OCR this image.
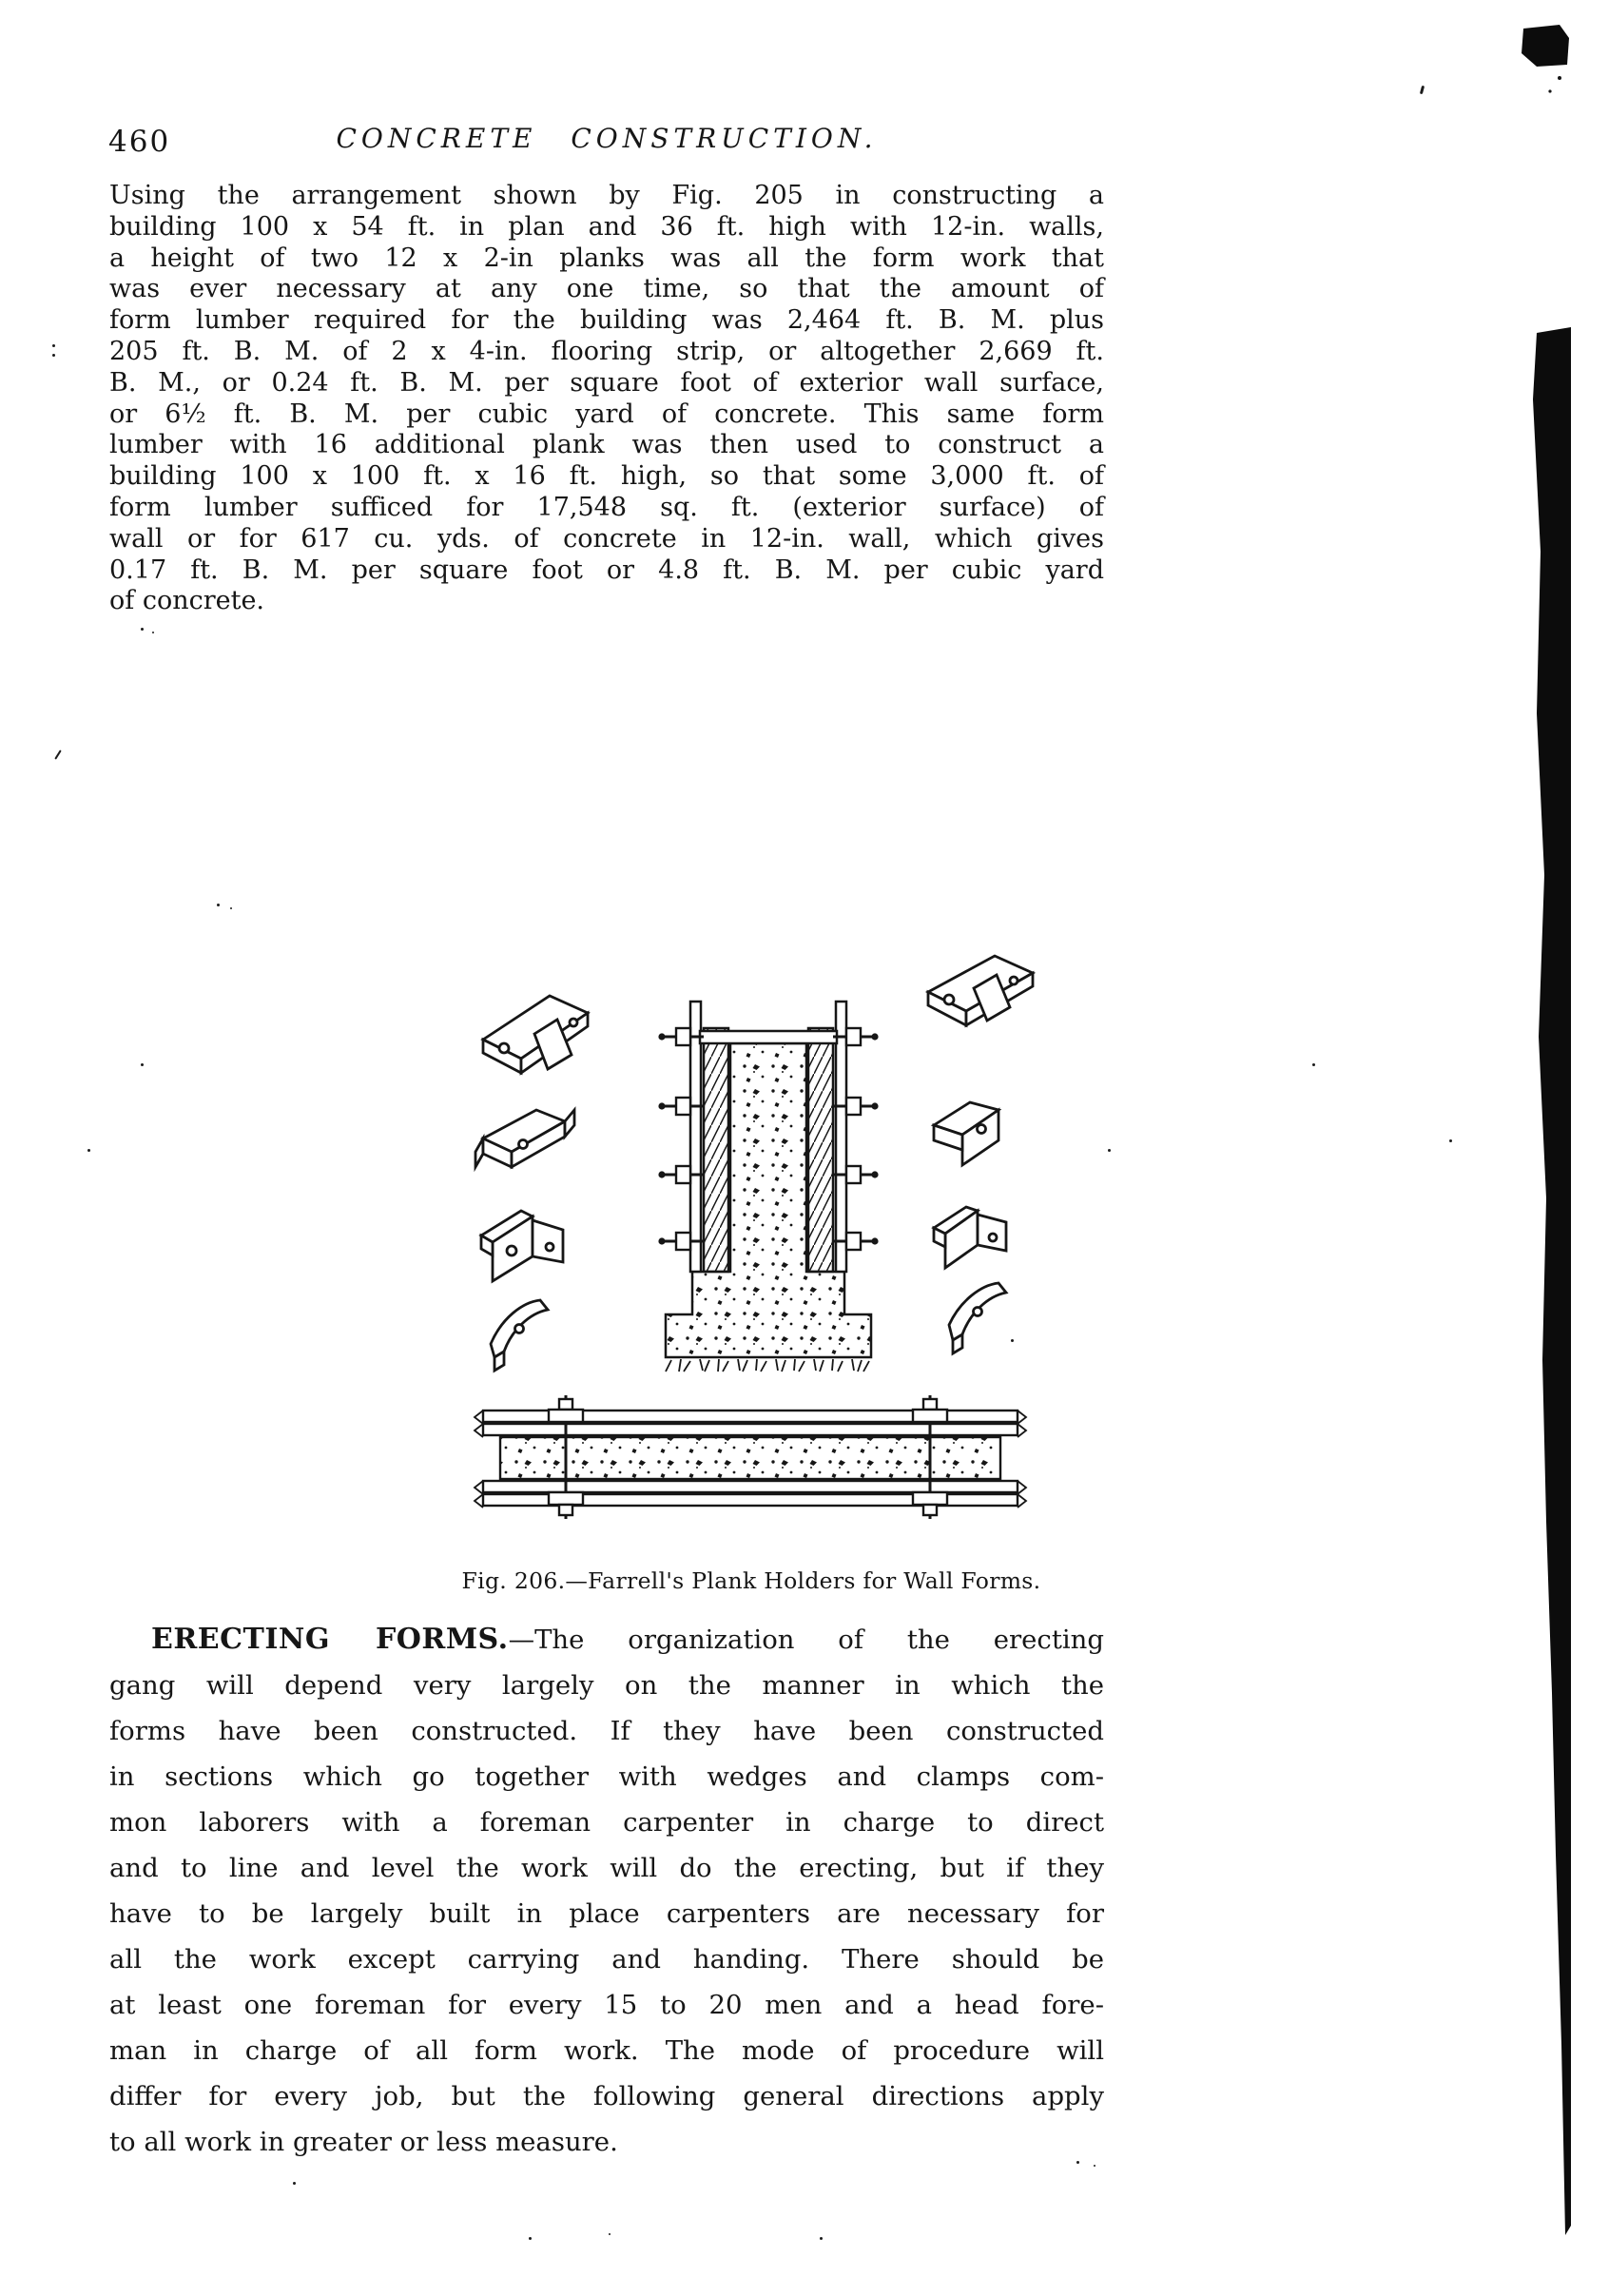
460	CONCRETE CONSTRUCTION.
Using the arrangement shown by Fig. 205 in constructing a
building 100 x 54 ft. in plan and 36 ft. high with 12-in. walls,
a height of two 12 x 2-in planks was all the form work that
was ever necessary at any one time, so that the amount of
form lumber required for the building was 2,464 ft. B. M. plus
205 ft. B. M. of 2 x 4-in. flooring strip, or altogether 2,669 ft.
B. M., or 0.24 ft. B. M. per square foot of exterior wall surface,
or 6½ ft. B. M. per cubic yard of concrete. This same form
lumber with 16 additional plank was then used to construct a
building 100 x 100 ft. x 16 ft. high, so that some 3,000 ft. of
form lumber sufficed for 17,548 sq. ft. (exterior surface) of
wall or for 617 cu. yds. of concrete in 12-in. wall, which gives
0.17 ft. B. M. per square foot or 4.8 ft. B. M. per cubic yard
of concrete.
Fig. 206.—Farrell's Plank Holders for Wall Forms.
ERECTING FORMS.—The organization of the erecting
gang will depend very largely on the manner in which the
forms have been constructed. If they have been constructed
in sections which go together with wedges and clamps com-
mon laborers with a foreman carpenter in charge to direct
and to line and level the work will do the erecting, but if they
have to be largely built in place carpenters are necessary for
all the work except carrying and handing. There should be
at least one foreman for every 15 to 20 men and a head fore-
man in charge of all form work. The mode of procedure will
differ for every job, but the following general directions apply
to all work in greater or less measure.
